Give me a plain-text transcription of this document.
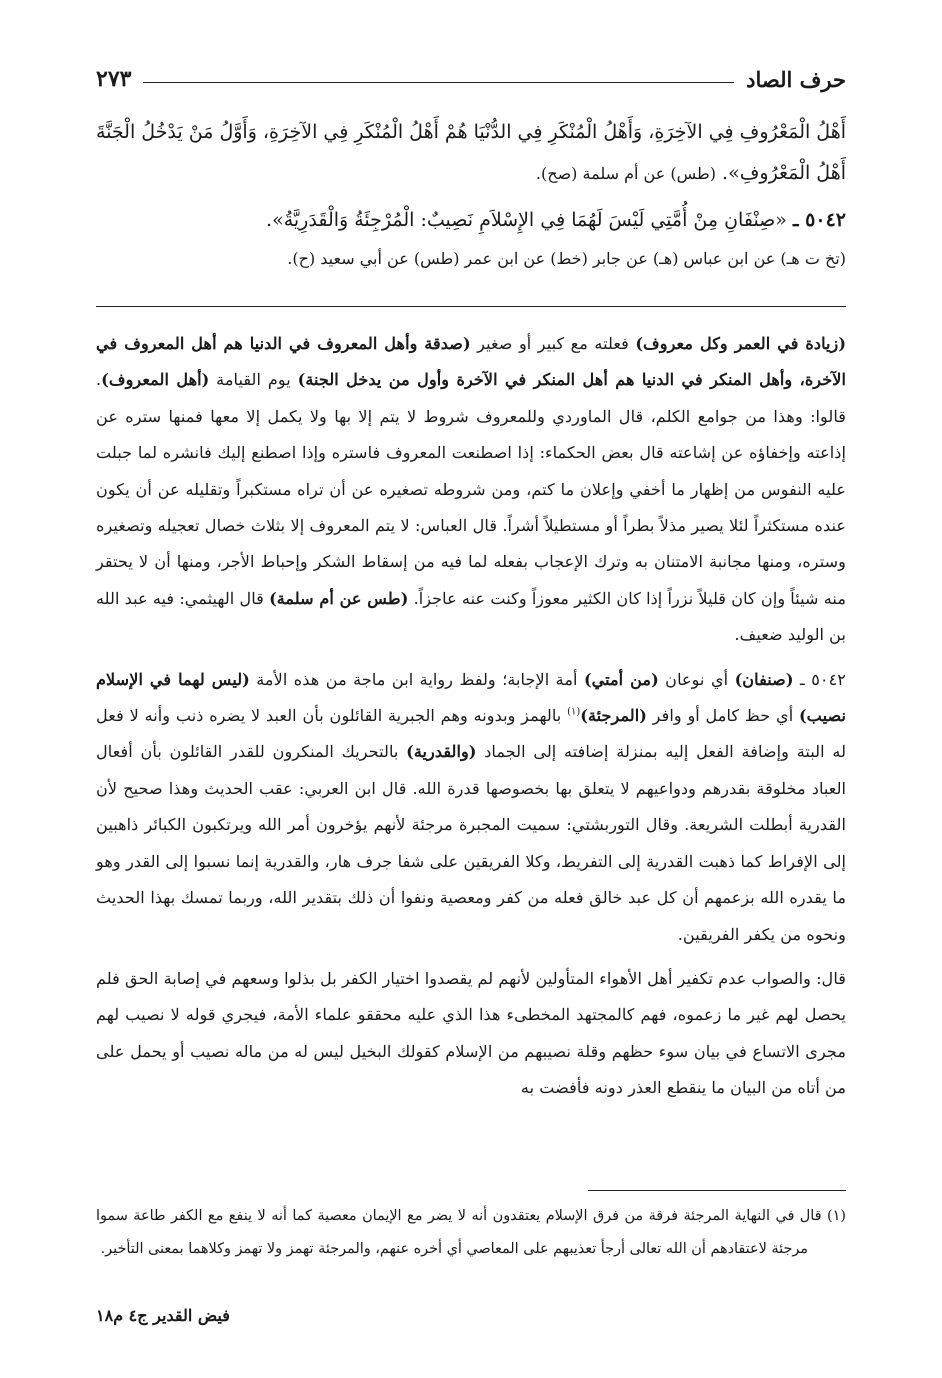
حرف الصاد
٢٧٣

أَهْلُ الْمَعْرُوفِ فِي الآخِرَةِ، وَأَهْلُ الْمُنْكَرِ فِي الدُّنْيَا هُمْ أَهْلُ الْمُنْكَرِ فِي الآخِرَةِ، وَأَوَّلُ مَنْ يَدْخُلُ الْجَنَّةَ أَهْلُ الْمَعْرُوفِ». (طس) عن أم سلمة (صح).

٥٠٤٢ ـ «صِنْفَانِ مِنْ أُمَّتِي لَيْسَ لَهُمَا فِي الإِسْلاَمِ نَصِيبٌ: الْمُرْجِئَةُ وَالْقَدَرِيَّةُ».

(تخ ت هـ) عن ابن عباس (هـ) عن جابر (خط) عن ابن عمر (طس) عن أبي سعيد (ح).

(زيادة في العمر وكل معروف) فعلته مع كبير أو صغير (صدقة وأهل المعروف في الدنيا هم أهل المعروف في الآخرة، وأهل المنكر في الدنيا هم أهل المنكر في الآخرة وأول من يدخل الجنة) يوم القيامة (أهل المعروف). قالوا: وهذا من جوامع الكلم، قال الماوردي وللمعروف شروط لا يتم إلا بها ولا يكمل إلا معها فمنها ستره عن إذاعته وإخفاؤه عن إشاعته قال بعض الحكماء: إذا اصطنعت المعروف فاستره وإذا اصطنع إليك فانشره لما جبلت عليه النفوس من إظهار ما أخفي وإعلان ما كتم، ومن شروطه تصغيره عن أن تراه مستكبراً وتقليله عن أن يكون عنده مستكثراً لئلا يصير مذلاً بطراً أو مستطيلاً أشراً. قال العباس: لا يتم المعروف إلا بثلاث خصال تعجيله وتصغيره وستره، ومنها مجانبة الامتنان به وترك الإعجاب بفعله لما فيه من إسقاط الشكر وإحباط الأجر، ومنها أن لا يحتقر منه شيئاً وإن كان قليلاً نزراً إذا كان الكثير معوزاً وكنت عنه عاجزاً. (طس عن أم سلمة) قال الهيثمي: فيه عبد الله بن الوليد ضعيف.

٥٠٤٢ ـ (صنفان) أي نوعان (من أمتي) أمة الإجابة؛ ولفظ رواية ابن ماجة من هذه الأمة (ليس لهما في الإسلام نصيب) أي حظ كامل أو وافر (المرجئة)$^{(١)}$ بالهمز وبدونه وهم الجبرية القائلون بأن العبد لا يضره ذنب وأنه لا فعل له البتة وإضافة الفعل إليه بمنزلة إضافته إلى الجماد (والقدرية) بالتحريك المنكرون للقدر القائلون بأن أفعال العباد مخلوقة بقدرهم ودواعيهم لا يتعلق بها بخصوصها قدرة الله. قال ابن العربي: عقب الحديث وهذا صحيح لأن القدرية أبطلت الشريعة. وقال التوربشتي: سميت المجبرة مرجئة لأنهم يؤخرون أمر الله ويرتكبون الكبائر ذاهبين إلى الإفراط كما ذهبت القدرية إلى التفريط، وكلا الفريقين على شفا جرف هار، والقدرية إنما نسبوا إلى القدر وهو ما يقدره الله بزعمهم أن كل عبد خالق فعله من كفر ومعصية ونفوا أن ذلك بتقدير الله، وربما تمسك بهذا الحديث ونحوه من يكفر الفريقين.

قال: والصواب عدم تكفير أهل الأهواء المتأولين لأنهم لم يقصدوا اختيار الكفر بل بذلوا وسعهم في إصابة الحق فلم يحصل لهم غير ما زعموه، فهم كالمجتهد المخطىء هذا الذي عليه محققو علماء الأمة، فيجري قوله لا نصيب لهم مجرى الاتساع في بيان سوء حظهم وقلة نصيبهم من الإسلام كقولك البخيل ليس له من ماله نصيب أو يحمل على من أتاه من البيان ما ينقطع العذر دونه فأفضت به

(١) قال في النهاية المرجئة فرقة من فرق الإسلام يعتقدون أنه لا يضر مع الإيمان معصية كما أنه لا ينفع مع الكفر طاعة سموا مرجئة لاعتقادهم أن الله تعالى أرجأ تعذيبهم على المعاصي أي أخره عنهم، والمرجئة تهمز ولا تهمز وكلاهما بمعنى التأخير.

فيض القدير ج٤ م١٨
